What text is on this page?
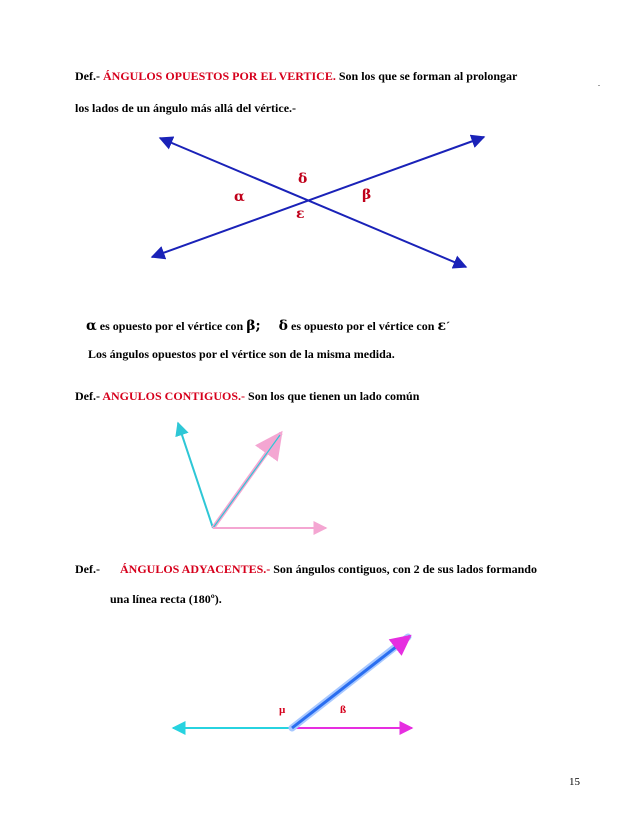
Def.- ÁNGULOS OPUESTOS POR EL VERTICE. Son los que se forman al prolongar
.
los lados de un ángulo más allá del vértice.-
δ
α	β
ε
α es opuesto por el vértice con β; δ es opuesto por el vértice con ε´
Los ángulos opuestos por el vértice son de la misma medida.
Def.- ANGULOS CONTIGUOS.- Son los que tienen un lado común
Def.- ÁNGULOS ADYACENTES.- Son ángulos contiguos, con 2 de sus lados formando
una línea recta (180º).
µ	ß
15
